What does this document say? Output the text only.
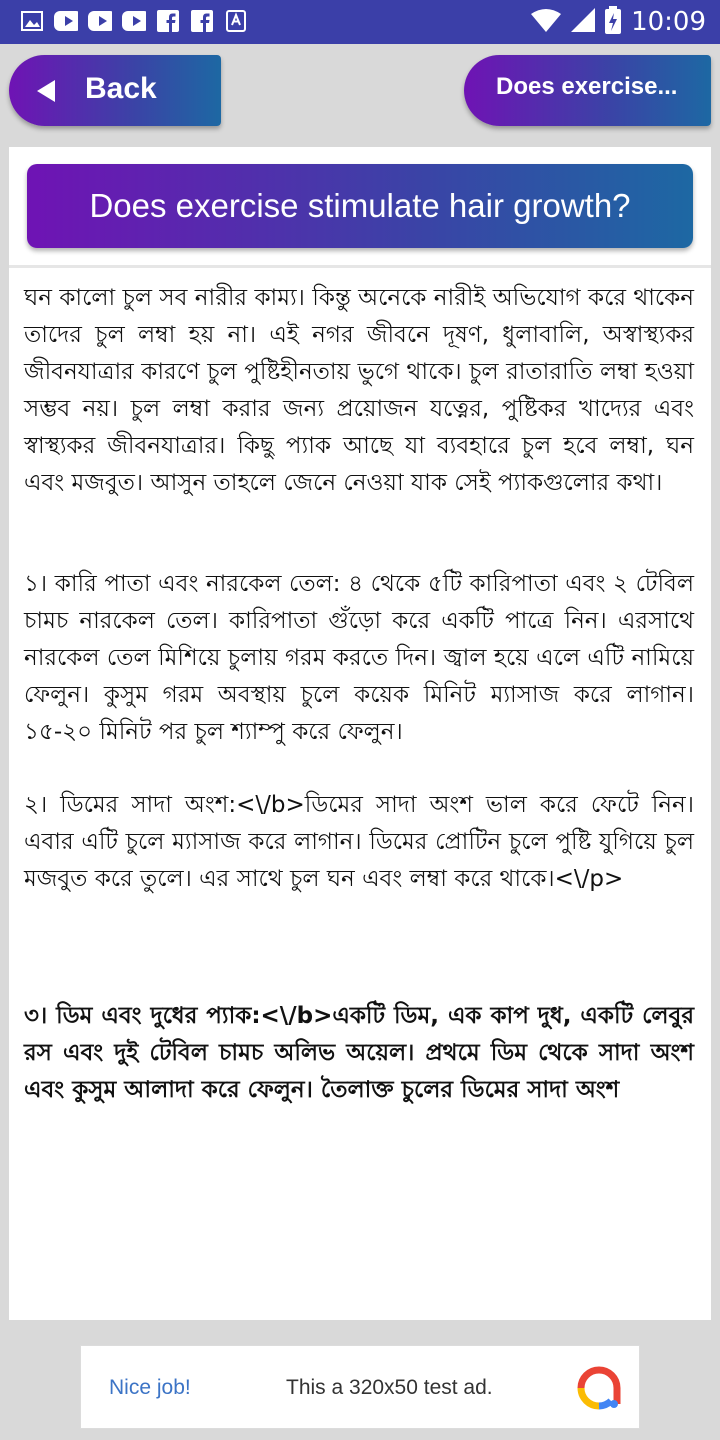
10:09
Back	Does exercise...
Does exercise stimulate hair growth?

ঘন কালো চুল সব নারীর কাম্য। কিন্তু অনেকে নারীই অভিযোগ করে থাকেন তাদের চুল লম্বা হয় না। এই নগর জীবনে দূষণ, ধুলাবালি, অস্বাস্থ্যকর জীবনযাত্রার কারণে চুল পুষ্টিহীনতায় ভুগে থাকে। চুল রাতারাতি লম্বা হওয়া সম্ভব নয়। চুল লম্বা করার জন্য প্রয়োজন যত্নের, পুষ্টিকর খাদ্যের এবং স্বাস্থ্যকর জীবনযাত্রার। কিছু প্যাক আছে যা ব্যবহারে চুল হবে লম্বা, ঘন এবং মজবুত। আসুন তাহলে জেনে নেওয়া যাক সেই প্যাকগুলোর কথা।

১। কারি পাতা এবং নারকেল তেল: ৪ থেকে ৫টি কারিপাতা এবং ২ টেবিল চামচ নারকেল তেল। কারিপাতা গুঁড়ো করে একটি পাত্রে নিন। এরসাথে নারকেল তেল মিশিয়ে চুলায় গরম করতে দিন। জ্বাল হয়ে এলে এটি নামিয়ে ফেলুন। কুসুম গরম অবস্থায় চুলে কয়েক মিনিট ম্যাসাজ করে লাগান। ১৫-২০ মিনিট পর চুল শ্যাম্পু করে ফেলুন।

২। ডিমের সাদা অংশ:<\/b>ডিমের সাদা অংশ ভাল করে ফেটে নিন। এবার এটি চুলে ম্যাসাজ করে লাগান। ডিমের প্রোটিন চুলে পুষ্টি যুগিয়ে চুল মজবুত করে তুলে। এর সাথে চুল ঘন এবং লম্বা করে থাকে।<\/p>

৩। ডিম এবং দুধের প্যাক:<\/b>একটি ডিম, এক কাপ দুধ, একটি লেবুর রস এবং দুই টেবিল চামচ অলিভ অয়েল। প্রথমে ডিম থেকে সাদা অংশ এবং কুসুম আলাদা করে ফেলুন। তৈলাক্ত চুলের ডিমের সাদা অংশ

Nice job!	This a 320x50 test ad.
